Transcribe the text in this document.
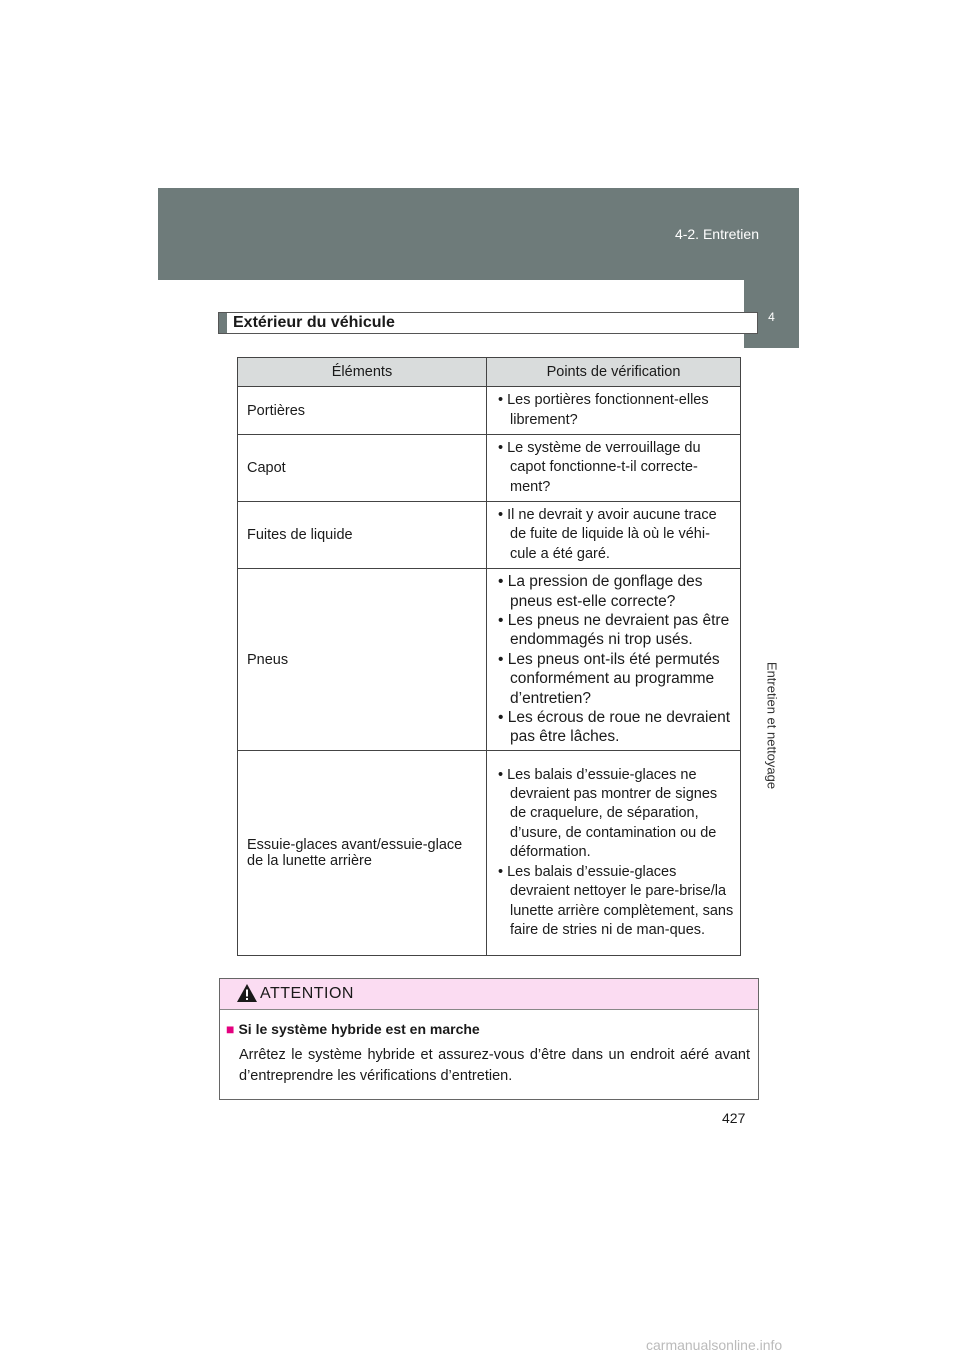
4-2. Entretien
4
Entretien et nettoyage
Extérieur du véhicule
Éléments	Points de vérification
Portières	• Les portières fonctionnent-elles librement?

Capot	• Le système de verrouillage du capot fonctionne-t-il correcte-ment?

Fuites de liquide	• Il ne devrait y avoir aucune trace de fuite de liquide là où le véhi-cule a été garé.

Pneus	• La pression de gonflage des pneus est-elle correcte?
• Les pneus ne devraient pas être endommagés ni trop usés.
• Les pneus ont-ils été permutés conformément au programme d’entretien?
• Les écrous de roue ne devraient pas être lâches.

Essuie-glaces avant/essuie-glace de la lunette arrière	• Les balais d’essuie-glaces ne devraient pas montrer de signes de craquelure, de séparation, d’usure, de contamination ou de déformation.
• Les balais d’essuie-glaces devraient nettoyer le pare-brise/la lunette arrière complètement, sans faire de stries ni de man-ques.
ATTENTION
■ Si le système hybride est en marche
Arrêtez le système hybride et assurez-vous d’être dans un endroit aéré avant d’entreprendre les vérifications d’entretien.
427
carmanualsonline.info
